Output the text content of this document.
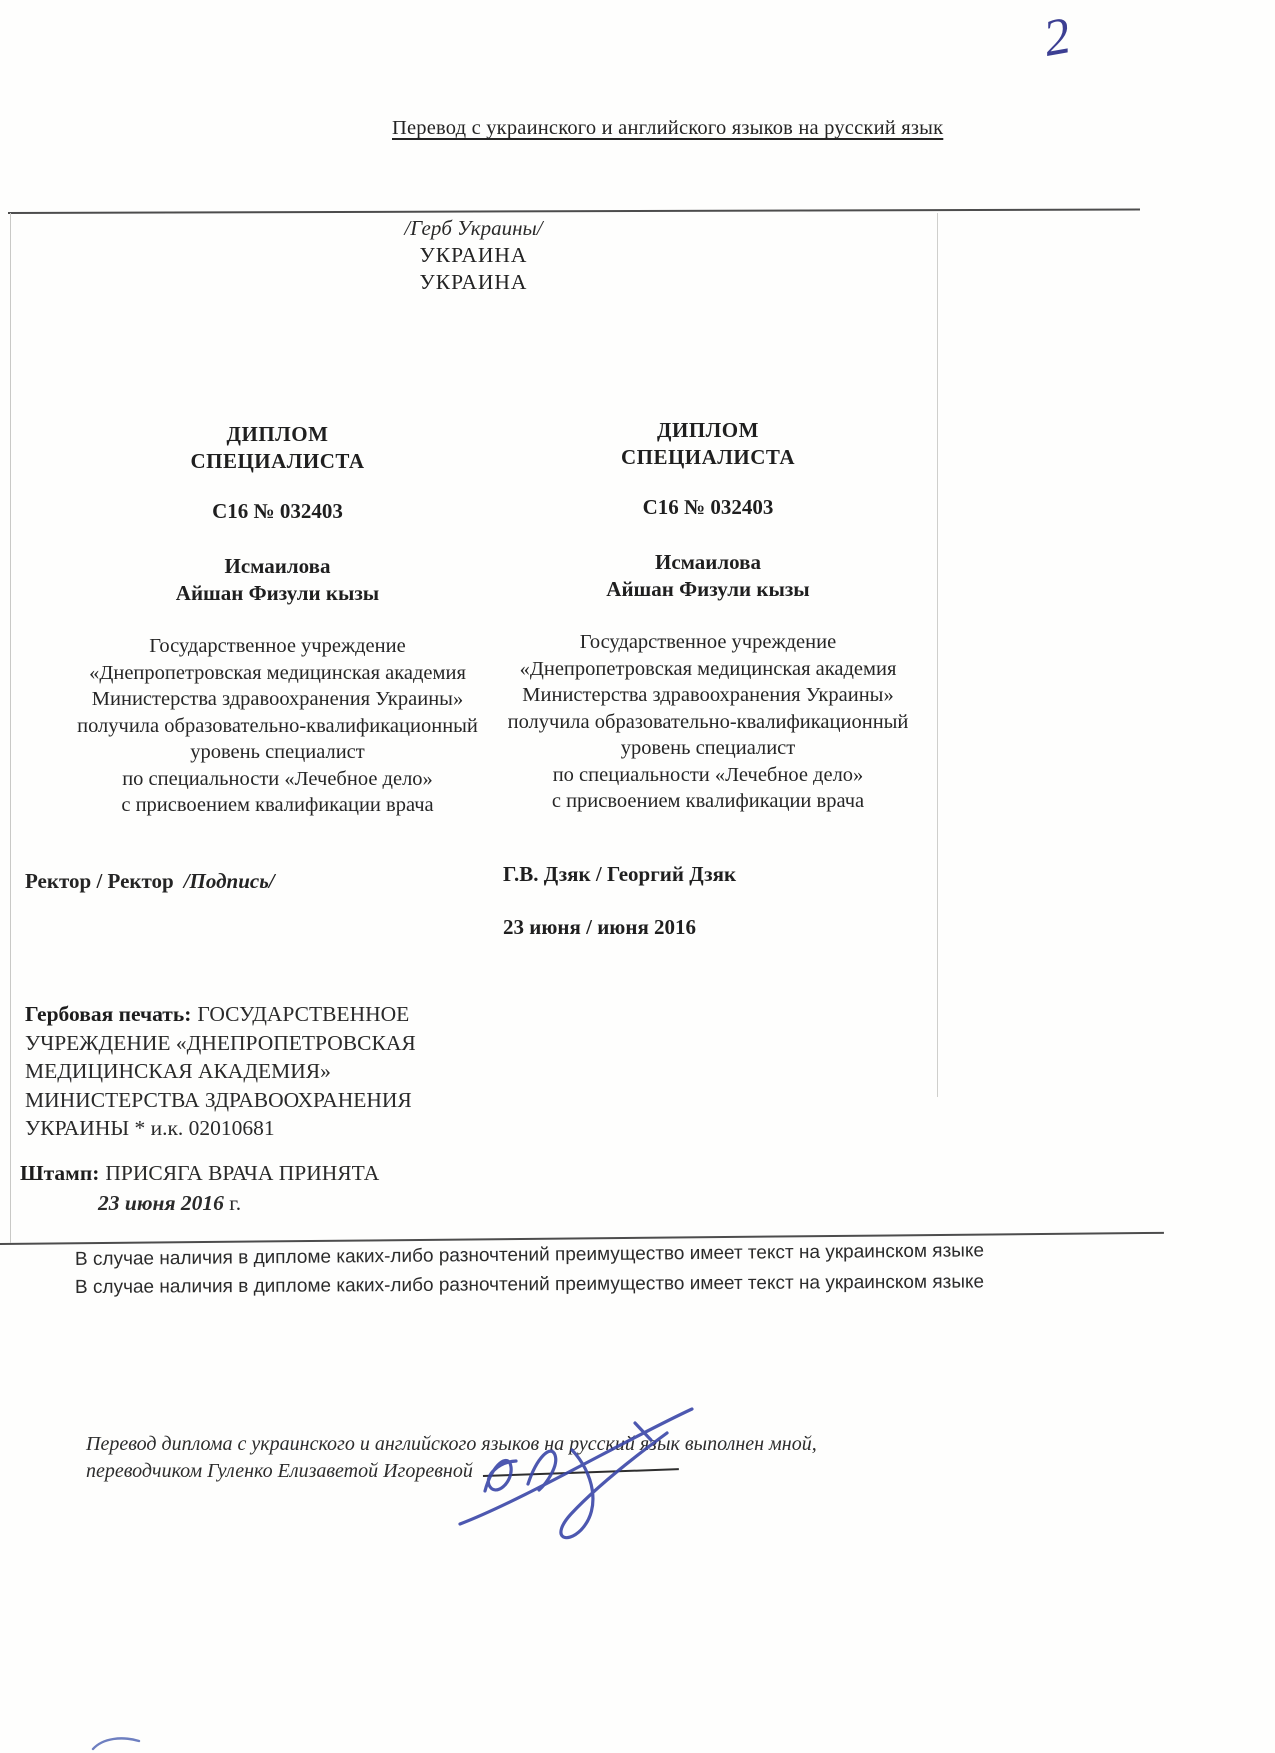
2
Перевод с украинского и английского языков на русский язык
/Герб Украины/
УКРАИНА
УКРАИНА
ДИПЛОМ
СПЕЦИАЛИСТА
С16 № 032403
Исмаилова
Айшан Физули кызы
Государственное учреждение
«Днепропетровская медицинская академия
Министерства здравоохранения Украины»
получила образовательно-квалификационный
уровень специалист
по специальности «Лечебное дело»
с присвоением квалификации врача
ДИПЛОМ
СПЕЦИАЛИСТА
С16 № 032403
Исмаилова
Айшан Физули кызы
Государственное учреждение
«Днепропетровская медицинская академия
Министерства здравоохранения Украины»
получила образовательно-квалификационный
уровень специалист
по специальности «Лечебное дело»
с присвоением квалификации врача
Ректор / Ректор /Подпись/	Г.В. Дзяк / Георгий Дзяк
23 июня / июня 2016
Гербовая печать: ГОСУДАРСТВЕННОЕ
УЧРЕЖДЕНИЕ «ДНЕПРОПЕТРОВСКАЯ
МЕДИЦИНСКАЯ АКАДЕМИЯ»
МИНИСТЕРСТВА ЗДРАВООХРАНЕНИЯ
УКРАИНЫ * и.к. 02010681
Штамп: ПРИСЯГА ВРАЧА ПРИНЯТА
23 июня 2016 г.
В случае наличия в дипломе каких-либо разночтений преимущество имеет текст на украинском языке
В случае наличия в дипломе каких-либо разночтений преимущество имеет текст на украинском языке
Перевод диплома с украинского и английского языков на русский язык выполнен мной,
переводчиком Гуленко Елизаветой Игоревной
